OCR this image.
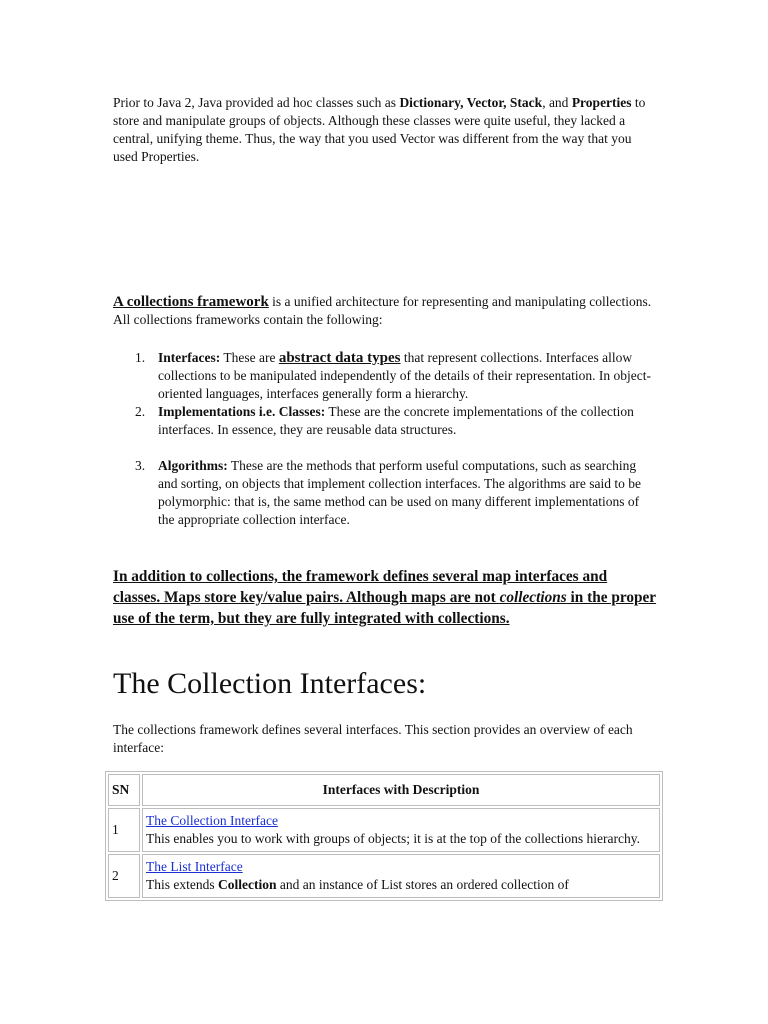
Prior to Java 2, Java provided ad hoc classes such as Dictionary, Vector, Stack, and Properties to store and manipulate groups of objects. Although these classes were quite useful, they lacked a central, unifying theme. Thus, the way that you used Vector was different from the way that you used Properties.

A collections framework is a unified architecture for representing and manipulating collections. All collections frameworks contain the following:

1. Interfaces: These are abstract data types that represent collections. Interfaces allow collections to be manipulated independently of the details of their representation. In object-oriented languages, interfaces generally form a hierarchy.
2. Implementations i.e. Classes: These are the concrete implementations of the collection interfaces. In essence, they are reusable data structures.
3. Algorithms: These are the methods that perform useful computations, such as searching and sorting, on objects that implement collection interfaces. The algorithms are said to be polymorphic: that is, the same method can be used on many different implementations of the appropriate collection interface.

In addition to collections, the framework defines several map interfaces and classes. Maps store key/value pairs. Although maps are not collections in the proper use of the term, but they are fully integrated with collections.

The Collection Interfaces:

The collections framework defines several interfaces. This section provides an overview of each interface:

SN	Interfaces with Description
1	The Collection Interface
This enables you to work with groups of objects; it is at the top of the collections hierarchy.
2	The List Interface
This extends Collection and an instance of List stores an ordered collection of
